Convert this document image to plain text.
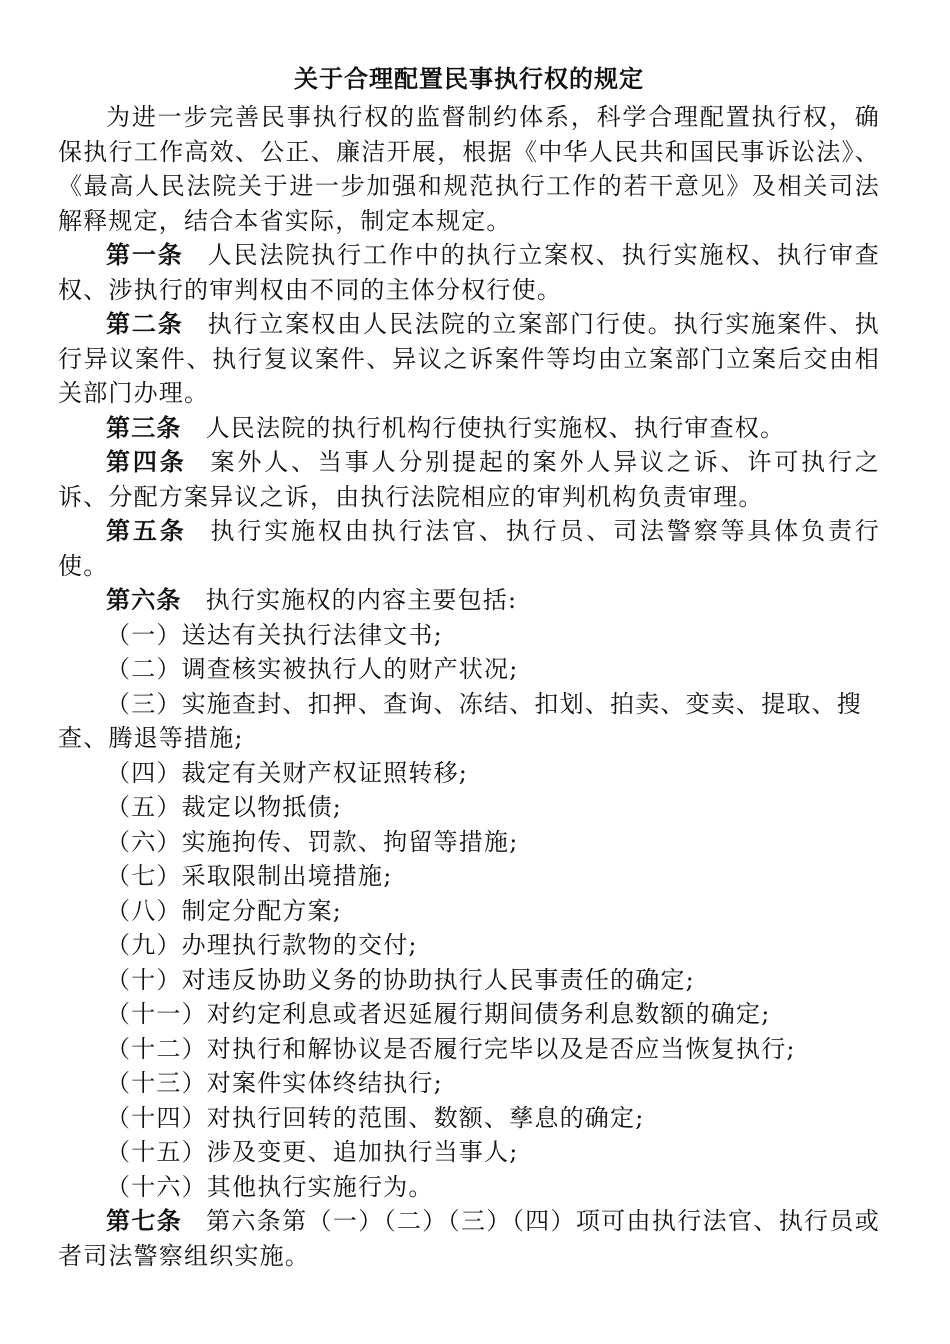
关于合理配置民事执行权的规定

为进一步完善民事执行权的监督制约体系，科学合理配置执行权，确保执行工作高效、公正、廉洁开展，根据《中华人民共和国民事诉讼法》、《最高人民法院关于进一步加强和规范执行工作的若干意见》及相关司法解释规定，结合本省实际，制定本规定。

第一条 人民法院执行工作中的执行立案权、执行实施权、执行审查权、涉执行的审判权由不同的主体分权行使。

第二条 执行立案权由人民法院的立案部门行使。执行实施案件、执行异议案件、执行复议案件、异议之诉案件等均由立案部门立案后交由相关部门办理。

第三条 人民法院的执行机构行使执行实施权、执行审查权。

第四条 案外人、当事人分别提起的案外人异议之诉、许可执行之诉、分配方案异议之诉，由执行法院相应的审判机构负责审理。

第五条 执行实施权由执行法官、执行员、司法警察等具体负责行使。

第六条 执行实施权的内容主要包括:

（一）送达有关执行法律文书;

（二）调查核实被执行人的财产状况;

（三）实施查封、扣押、查询、冻结、扣划、拍卖、变卖、提取、搜查、腾退等措施;

（四）裁定有关财产权证照转移;

（五）裁定以物抵债;

（六）实施拘传、罚款、拘留等措施;

（七）采取限制出境措施;

（八）制定分配方案;

（九）办理执行款物的交付;

（十）对违反协助义务的协助执行人民事责任的确定;

（十一）对约定利息或者迟延履行期间债务利息数额的确定;

（十二）对执行和解协议是否履行完毕以及是否应当恢复执行;

（十三）对案件实体终结执行;

（十四）对执行回转的范围、数额、孳息的确定;

（十五）涉及变更、追加执行当事人;

（十六）其他执行实施行为。

第七条 第六条第（一）（二）（三）（四）项可由执行法官、执行员或者司法警察组织实施。
